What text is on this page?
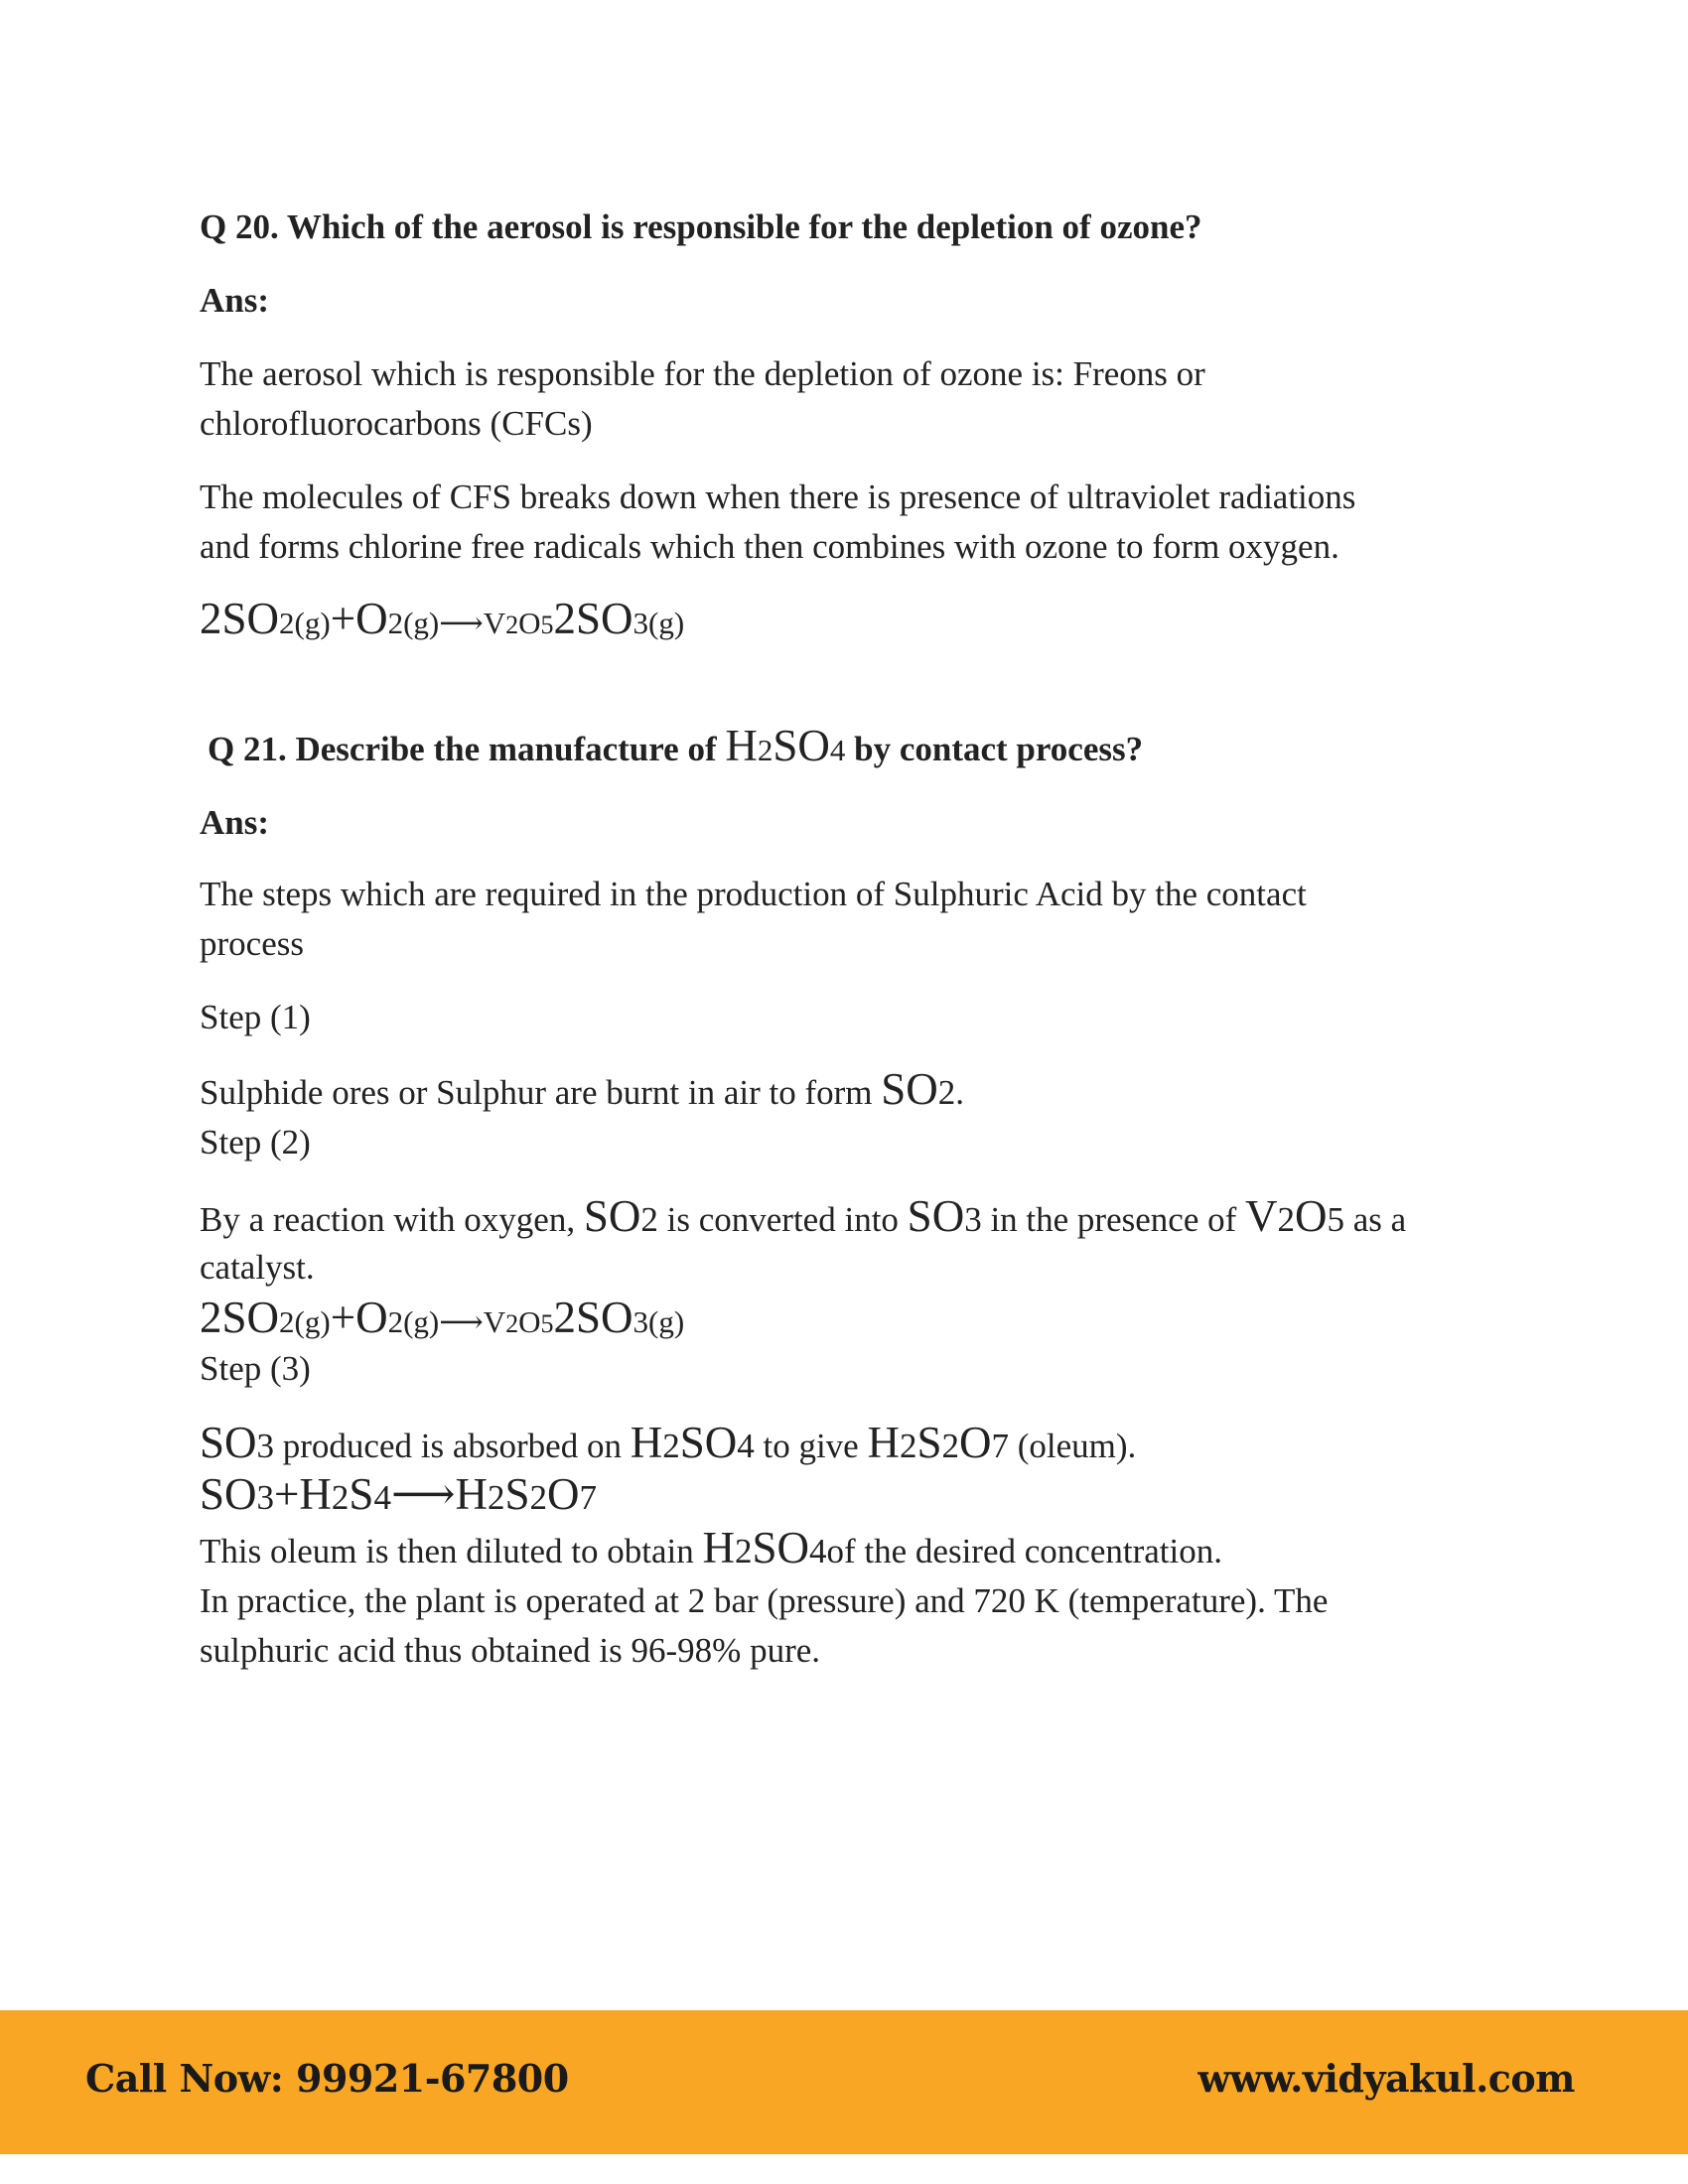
Q 20. Which of the aerosol is responsible for the depletion of ozone?
Ans:
The aerosol which is responsible for the depletion of ozone is: Freons or
chlorofluorocarbons (CFCs)
The molecules of CFS breaks down when there is presence of ultraviolet radiations
and forms chlorine free radicals which then combines with ozone to form oxygen.
2SO2(g)+O2(g)⟶V2O52SO3(g)
Q 21. Describe the manufacture of H2SO4 by contact process?
Ans:
The steps which are required in the production of Sulphuric Acid by the contact
process
Step (1)
Sulphide ores or Sulphur are burnt in air to form SO2.
Step (2)
By a reaction with oxygen, SO2 is converted into SO3 in the presence of V2O5 as a
catalyst.
2SO2(g)+O2(g)⟶V2O52SO3(g)
Step (3)
SO3 produced is absorbed on H2SO4 to give H2S2O7 (oleum).
SO3+H2S4⟶H2S2O7
This oleum is then diluted to obtain H2SO4of the desired concentration.
In practice, the plant is operated at 2 bar (pressure) and 720 K (temperature). The
sulphuric acid thus obtained is 96-98% pure.
Call Now: 99921-67800	www.vidyakul.com
